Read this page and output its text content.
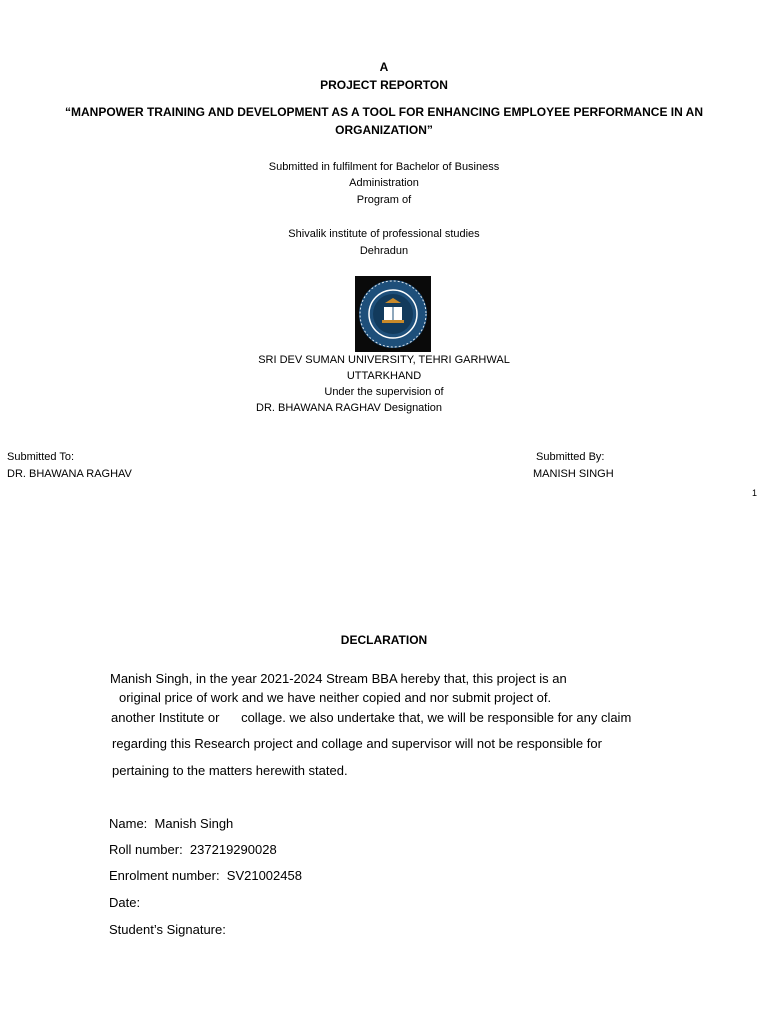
A
PROJECT REPORTON
“MANPOWER TRAINING AND DEVELOPMENT AS A TOOL FOR ENHANCING EMPLOYEE PERFORMANCE IN AN
ORGANIZATION”
Submitted in fulfilment for Bachelor of Business
Administration
Program of
Shivalik institute of professional studies
Dehradun
SRI DEV SUMAN UNIVERSITY, TEHRI GARHWAL
UTTARKHAND
Under the supervision of
DR. BHAWANA RAGHAV Designation
Submitted To:
DR. BHAWANA RAGHAV
Submitted By:
MANISH SINGH
1
DECLARATION
Manish Singh, in the year 2021-2024 Stream BBA hereby that, this project is an
original price of work and we have neither copied and nor submit project of.
another Institute or      collage. we also undertake that, we will be responsible for any claim
regarding this Research project and collage and supervisor will not be responsible for
pertaining to the matters herewith stated.
Name:  Manish Singh
Roll number:  237219290028
Enrolment number:  SV21002458
Date:
Student’s Signature:
